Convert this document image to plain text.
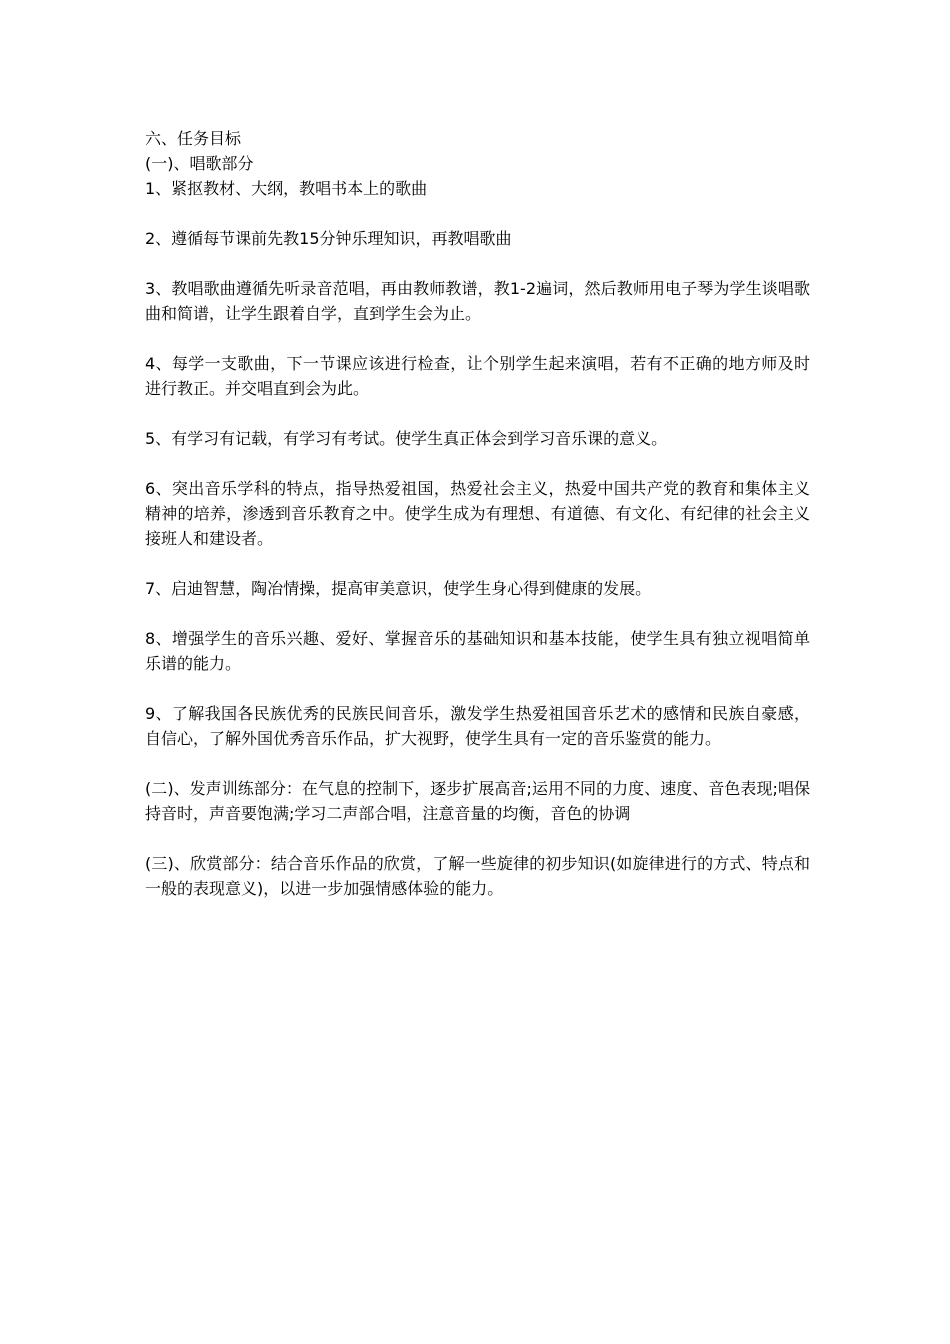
六、任务目标

(一)、唱歌部分

1、紧抠教材、大纲，教唱书本上的歌曲

2、遵循每节课前先教15分钟乐理知识，再教唱歌曲

3、教唱歌曲遵循先听录音范唱，再由教师教谱，教1-2遍词，然后教师用电子琴为学生谈唱歌曲和简谱，让学生跟着自学，直到学生会为止。

4、每学一支歌曲，下一节课应该进行检查，让个别学生起来演唱，若有不正确的地方师及时进行教正。并交唱直到会为此。

5、有学习有记载，有学习有考试。使学生真正体会到学习音乐课的意义。

6、突出音乐学科的特点，指导热爱祖国，热爱社会主义，热爱中国共产党的教育和集体主义精神的培养，渗透到音乐教育之中。使学生成为有理想、有道德、有文化、有纪律的社会主义接班人和建设者。

7、启迪智慧，陶冶情操，提高审美意识，使学生身心得到健康的发展。

8、增强学生的音乐兴趣、爱好、掌握音乐的基础知识和基本技能，使学生具有独立视唱简单乐谱的能力。

9、了解我国各民族优秀的民族民间音乐，激发学生热爱祖国音乐艺术的感情和民族自豪感，自信心，了解外国优秀音乐作品，扩大视野，使学生具有一定的音乐鉴赏的能力。

(二)、发声训练部分：在气息的控制下，逐步扩展高音;运用不同的力度、速度、音色表现;唱保持音时，声音要饱满;学习二声部合唱，注意音量的均衡，音色的协调

(三)、欣赏部分：结合音乐作品的欣赏，了解一些旋律的初步知识(如旋律进行的方式、特点和一般的表现意义)，以进一步加强情感体验的能力。
